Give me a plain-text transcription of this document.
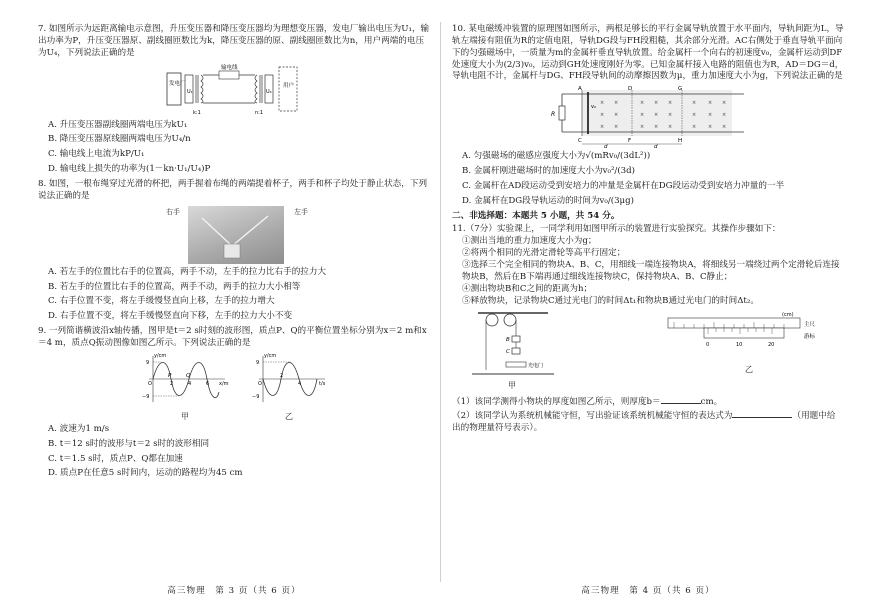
7. 如图所示为远距离输电示意图，升压变压器和降压变压器均为理想变压器，发电厂输出电压为U₁，输出功率为P，升压变压器原、副线圈匝数比为k，降压变压器的原、副线圈匝数比为n，用户两端的电压为U₄，下列说法正确的是

发电厂
U₁
输电线
U₄
用户
k:1	n:1

A. 升压变压器副线圈两端电压为kU₁

B. 降压变压器原线圈两端电压为U₄/n

C. 输电线上电流为kP/U₁

D. 输电线上损失的功率为(1－kn·U₁/U₄)P

8. 如图，一根布绳穿过光滑的杯把，两手握着布绳的两端提着杯子，两手和杯子均处于静止状态，下列说法正确的是

右手	左手

A. 若左手的位置比右手的位置高，两手不动，左手的拉力比右手的拉力大

B. 若左手的位置比右手的位置高，两手不动，两手的拉力大小相等

C. 右手位置不变，将左手缓慢竖直向上移，左手的拉力增大

D. 右手位置不变，将左手缓慢竖直向下移，左手的拉力大小不变

9. 一列简谐横波沿x轴传播，图甲是t＝2 s时刻的波形图，质点P、Q的平衡位置坐标分别为x＝2 m和x＝4 m，质点Q振动图像如图乙所示。下列说法正确的是

y/cm
x/m
9
−9
O
P	Q
2	4	6
甲
y/cm
t/s
9
−9
O
2
4
乙

A. 波速为1 m/s

B. t＝12 s时的波形与t＝2 s时的波形相同

C. t＝1.5 s时，质点P、Q都在加速

D. 质点P在任意5 s时间内，运动的路程均为45 cm

10. 某电磁缓冲装置的原理图如图所示，两根足够长的平行金属导轨放置于水平面内，导轨间距为L，导轨左端接有阻值为R的定值电阻，导轨DG段与FH段粗糙，其余部分光滑。AC右侧处于垂直导轨平面向下的匀强磁场中，一质量为m的金属杆垂直导轨放置。给金属杆一个向右的初速度v₀，金属杆运动到DF处速度大小为(2/3)v₀，运动到GH处速度刚好为零。已知金属杆接入电路的阻值也为R，AD＝DG＝d，导轨电阻不计，金属杆与DG、FH段导轨间的动摩擦因数为μ，重力加速度大小为g，下列说法正确的是

R
v₀
× ×	× × ×	× × ×
× ×	× × ×	× × ×
× ×	× × ×	× × ×
A
C
D
F
G
H
d	d

A. 匀强磁场的磁感应强度大小为√(mRv₀/(3dL²))

B. 金属杆刚进磁场时的加速度大小为v₀²/(3d)

C. 金属杆在AD段运动受到安培力的冲量是金属杆在DG段运动受到安培力冲量的一半

D. 金属杆在DG段导轨运动的时间为v₀/(3μg)

二、非选择题：本题共 5 小题，共 54 分。

11.（7分）实验课上，一同学利用如图甲所示的装置进行实验探究。其操作步骤如下：

①测出当地的重力加速度大小为g；

②将两个相同的光滑定滑轮等高平行固定；

③选择三个完全相同的物块A、B、C，用细线一端连接物块A，将细线另一端绕过两个定滑轮后连接物块B，然后在B下端再通过细线连接物块C，保持物块A、B、C静止；

④测出物块B和C之间的距离为h；

⑤释放物块，记录物块C通过光电门的时间Δt₁和物块B通过光电门的时间Δt₂。

B
C
光电门
甲
(cm)
主尺
0	10	20
游标
乙

（1）该同学测得小物块的厚度如图乙所示，则厚度b＝	cm。

（2）该同学认为系统机械能守恒，写出验证该系统机械能守恒的表达式为	（用题中给出的物理量符号表示）。

高三物理　第 3 页（共 6 页）	高三物理　第 4 页（共 6 页）
